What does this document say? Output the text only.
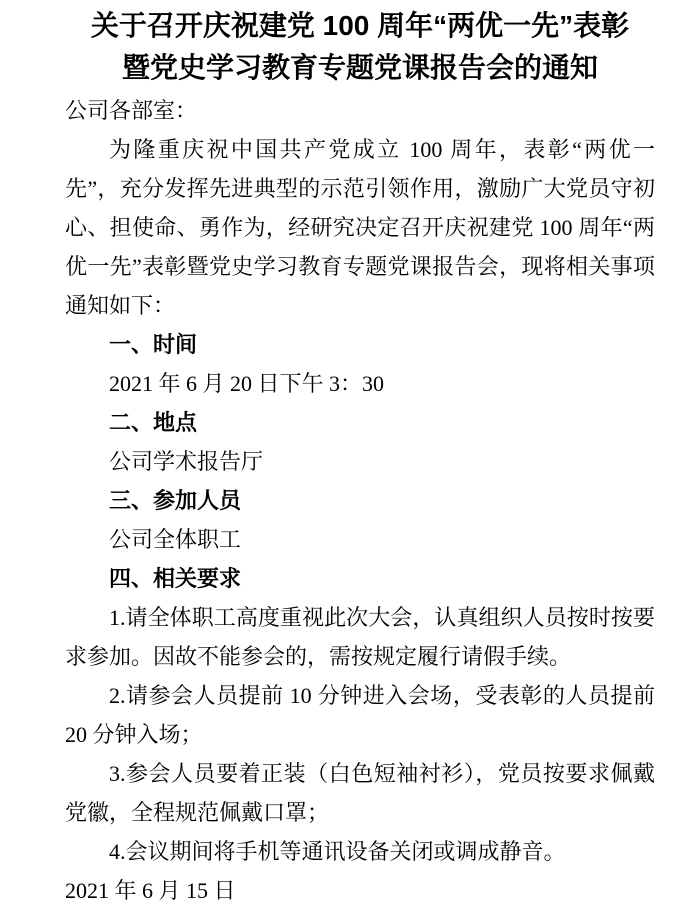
关于召开庆祝建党 100 周年“两优一先”表彰
暨党史学习教育专题党课报告会的通知

公司各部室：

为隆重庆祝中国共产党成立 100 周年，表彰“两优一先”，充分发挥先进典型的示范引领作用，激励广大党员守初心、担使命、勇作为，经研究决定召开庆祝建党 100 周年“两优一先”表彰暨党史学习教育专题党课报告会，现将相关事项通知如下：

一、时间

2021 年 6 月 20 日下午 3：30

二、地点

公司学术报告厅

三、参加人员

公司全体职工

四、相关要求

1.请全体职工高度重视此次大会，认真组织人员按时按要求参加。因故不能参会的，需按规定履行请假手续。

2.请参会人员提前 10 分钟进入会场，受表彰的人员提前 20 分钟入场；

3.参会人员要着正装（白色短袖衬衫），党员按要求佩戴党徽，全程规范佩戴口罩；

4.会议期间将手机等通讯设备关闭或调成静音。

2021 年 6 月 15 日
